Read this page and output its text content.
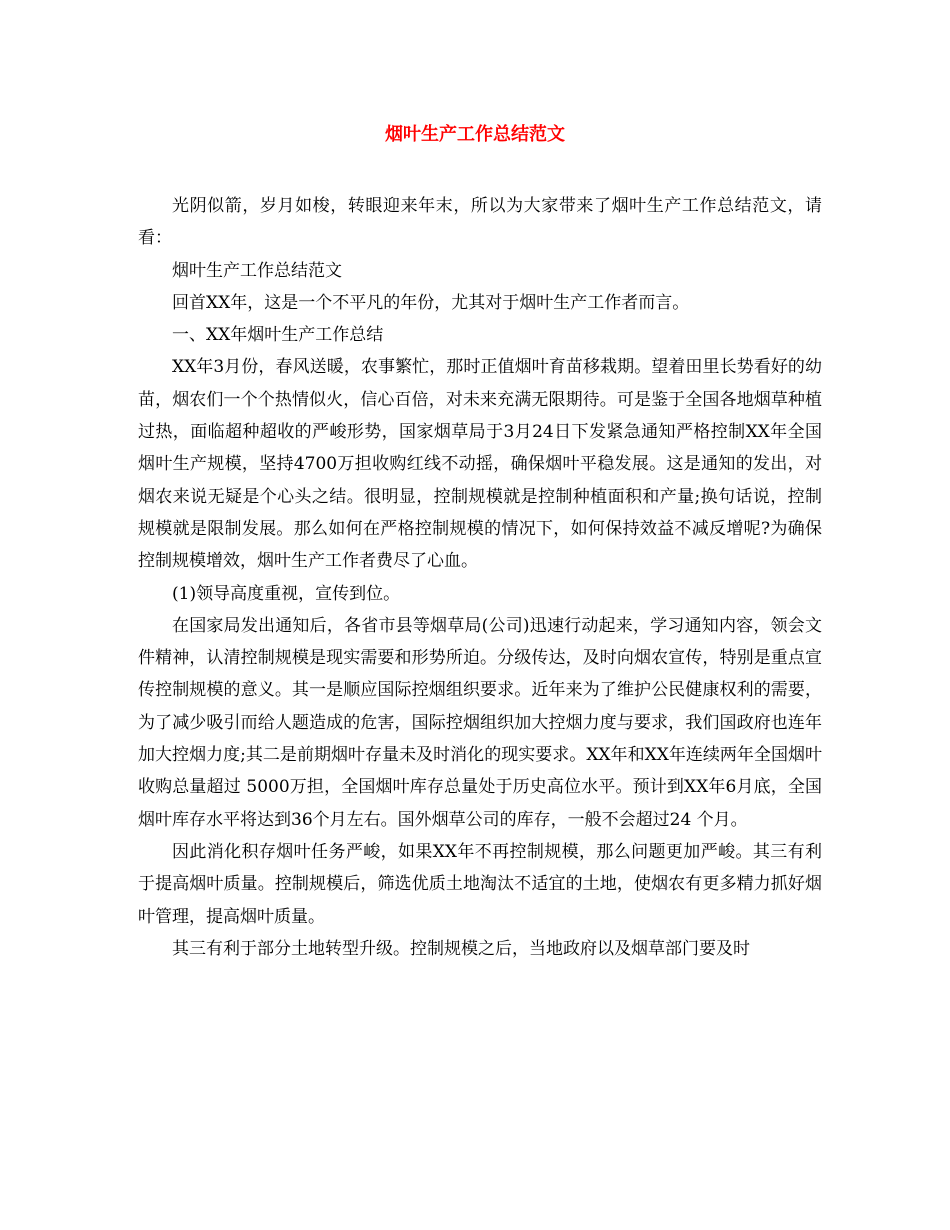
烟叶生产工作总结范文

光阴似箭，岁月如梭，转眼迎来年末，所以为大家带来了烟叶生产工作总结范文，请看：

烟叶生产工作总结范文

回首XX年，这是一个不平凡的年份，尤其对于烟叶生产工作者而言。

一、XX年烟叶生产工作总结

XX年3月份，春风送暖，农事繁忙，那时正值烟叶育苗移栽期。望着田里长势看好的幼苗，烟农们一个个热情似火，信心百倍，对未来充满无限期待。可是鉴于全国各地烟草种植过热，面临超种超收的严峻形势，国家烟草局于3月24日下发紧急通知严格控制XX年全国烟叶生产规模，坚持4700万担收购红线不动摇，确保烟叶平稳发展。这是通知的发出，对烟农来说无疑是个心头之结。很明显，控制规模就是控制种植面积和产量;换句话说，控制规模就是限制发展。那么如何在严格控制规模的情况下，如何保持效益不减反增呢?为确保控制规模增效，烟叶生产工作者费尽了心血。

(1)领导高度重视，宣传到位。

在国家局发出通知后，各省市县等烟草局(公司)迅速行动起来，学习通知内容，领会文件精神，认清控制规模是现实需要和形势所迫。分级传达，及时向烟农宣传，特别是重点宣传控制规模的意义。其一是顺应国际控烟组织要求。近年来为了维护公民健康权利的需要，为了减少吸引而给人题造成的危害，国际控烟组织加大控烟力度与要求，我们国政府也连年加大控烟力度;其二是前期烟叶存量未及时消化的现实要求。XX年和XX年连续两年全国烟叶收购总量超过 5000万担，全国烟叶库存总量处于历史高位水平。预计到XX年6月底，全国烟叶库存水平将达到36个月左右。国外烟草公司的库存，一般不会超过24 个月。

因此消化积存烟叶任务严峻，如果XX年不再控制规模，那么问题更加严峻。其三有利于提高烟叶质量。控制规模后，筛选优质土地淘汰不适宜的土地，使烟农有更多精力抓好烟叶管理，提高烟叶质量。

其三有利于部分土地转型升级。控制规模之后，当地政府以及烟草部门要及时
